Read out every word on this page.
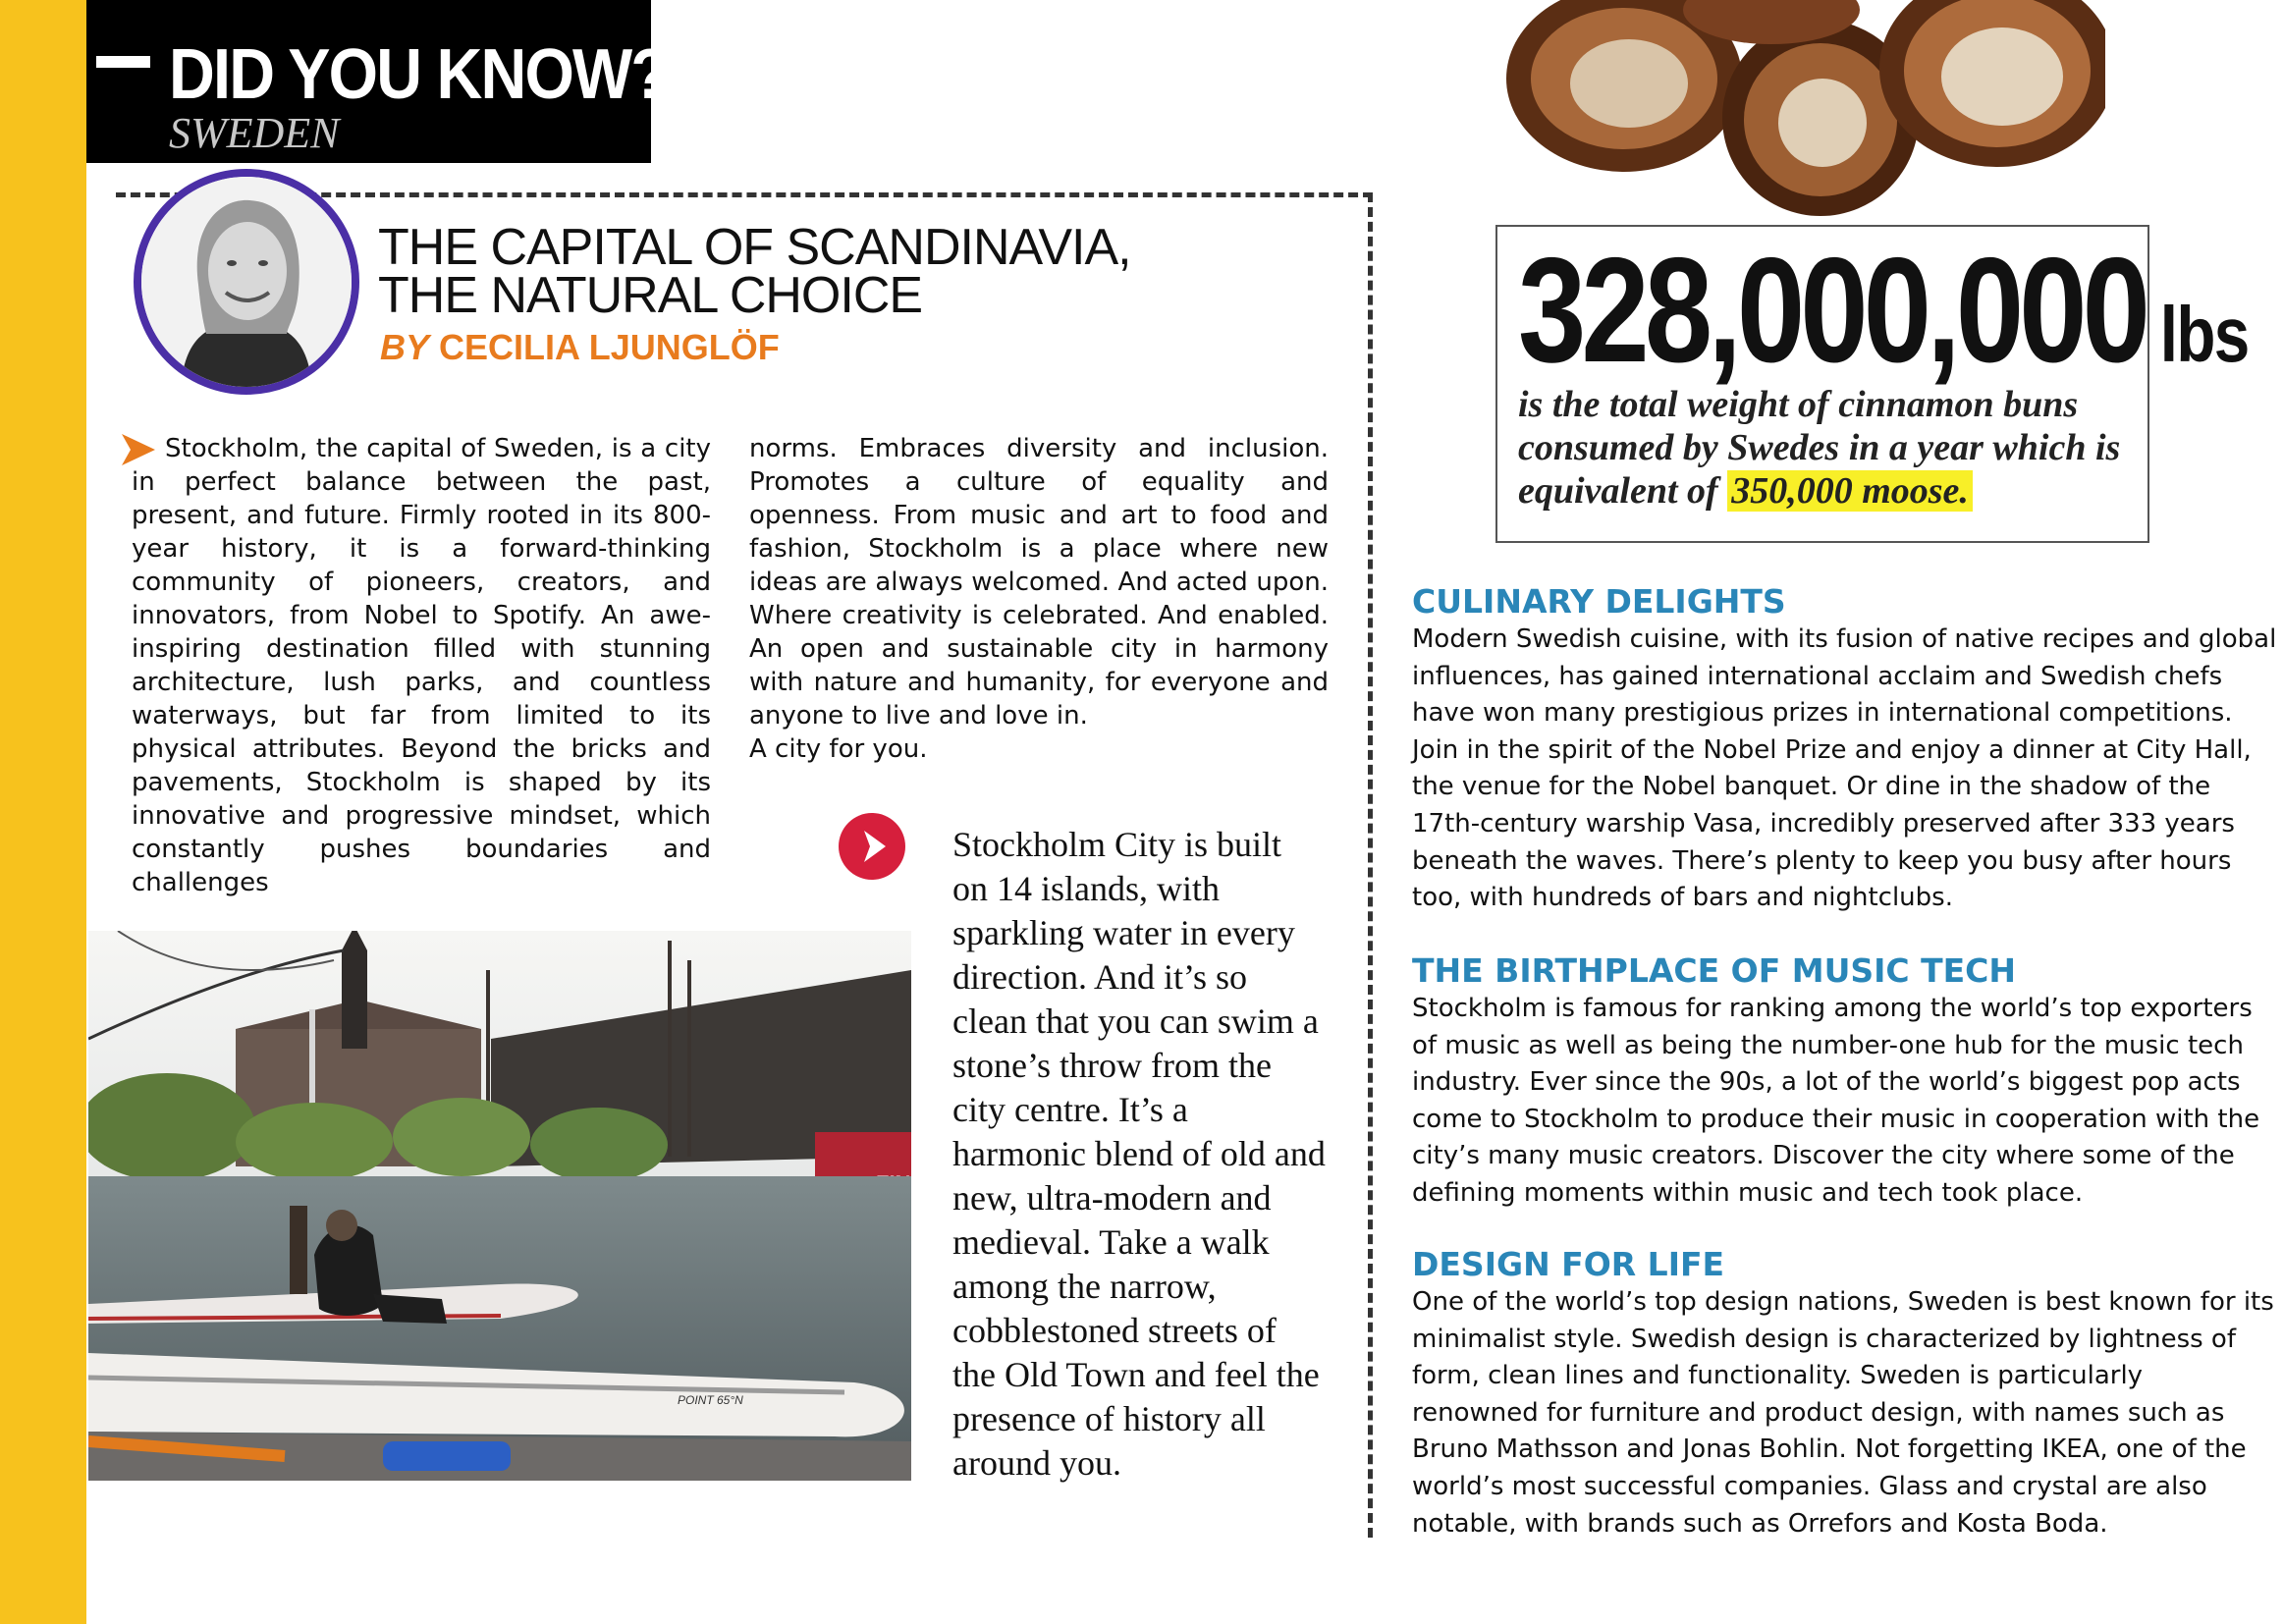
DID YOU KNOW?
SWEDEN
THE CAPITAL OF SCANDINAVIA,
THE NATURAL CHOICE
BY CECILIA LJUNGLÖF
Stockholm, the capital of Sweden, is a city in perfect balance between the past, present, and future. Firmly rooted in its 800-year history, it is a forward-thinking community of pioneers, creators, and innovators, from Nobel to Spotify. An awe-inspiring destination filled with stunning architecture, lush parks, and countless waterways, but far from limited to its physical attributes. Beyond the bricks and pavements, Stockholm is shaped by its innovative and progressive mindset, which constantly pushes boundaries and challenges
norms. Embraces diversity and inclusion. Promotes a culture of equality and openness. From music and art to food and fashion, Stockholm is a place where new ideas are always welcomed. And acted upon. Where creativity is celebrated. And enabled. An open and sustainable city in harmony with nature and humanity, for everyone and anyone to live and love in.
A city for you.
POINT 65°N
Stockholm City is built on 14 islands, with sparkling water in every direction. And it’s so clean that you can swim a stone’s throw from the city centre. It’s a harmonic blend of old and new, ultra-modern and medieval. Take a walk among the narrow, cobblestoned streets of the Old Town and feel the presence of history all around you.
328,000,000 lbs
is the total weight of cinnamon buns consumed by Swedes in a year which is equivalent of 350,000 moose.
CULINARY DELIGHTS
Modern Swedish cuisine, with its fusion of native recipes and global
influences, has gained international acclaim and Swedish chefs
have won many prestigious prizes in international competitions.
Join in the spirit of the Nobel Prize and enjoy a dinner at City Hall,
the venue for the Nobel banquet. Or dine in the shadow of the
17th-century warship Vasa, incredibly preserved after 333 years
beneath the waves. There’s plenty to keep you busy after hours
too, with hundreds of bars and nightclubs.
THE BIRTHPLACE OF MUSIC TECH
Stockholm is famous for ranking among the world’s top exporters
of music as well as being the number-one hub for the music tech
industry. Ever since the 90s, a lot of the world’s biggest pop acts
come to Stockholm to produce their music in cooperation with the
city’s many music creators. Discover the city where some of the
defining moments within music and tech took place.
DESIGN FOR LIFE
One of the world’s top design nations, Sweden is best known for its
minimalist style. Swedish design is characterized by lightness of
form, clean lines and functionality. Sweden is particularly
renowned for furniture and product design, with names such as
Bruno Mathsson and Jonas Bohlin. Not forgetting IKEA, one of the
world’s most successful companies. Glass and crystal are also
notable, with brands such as Orrefors and Kosta Boda.
